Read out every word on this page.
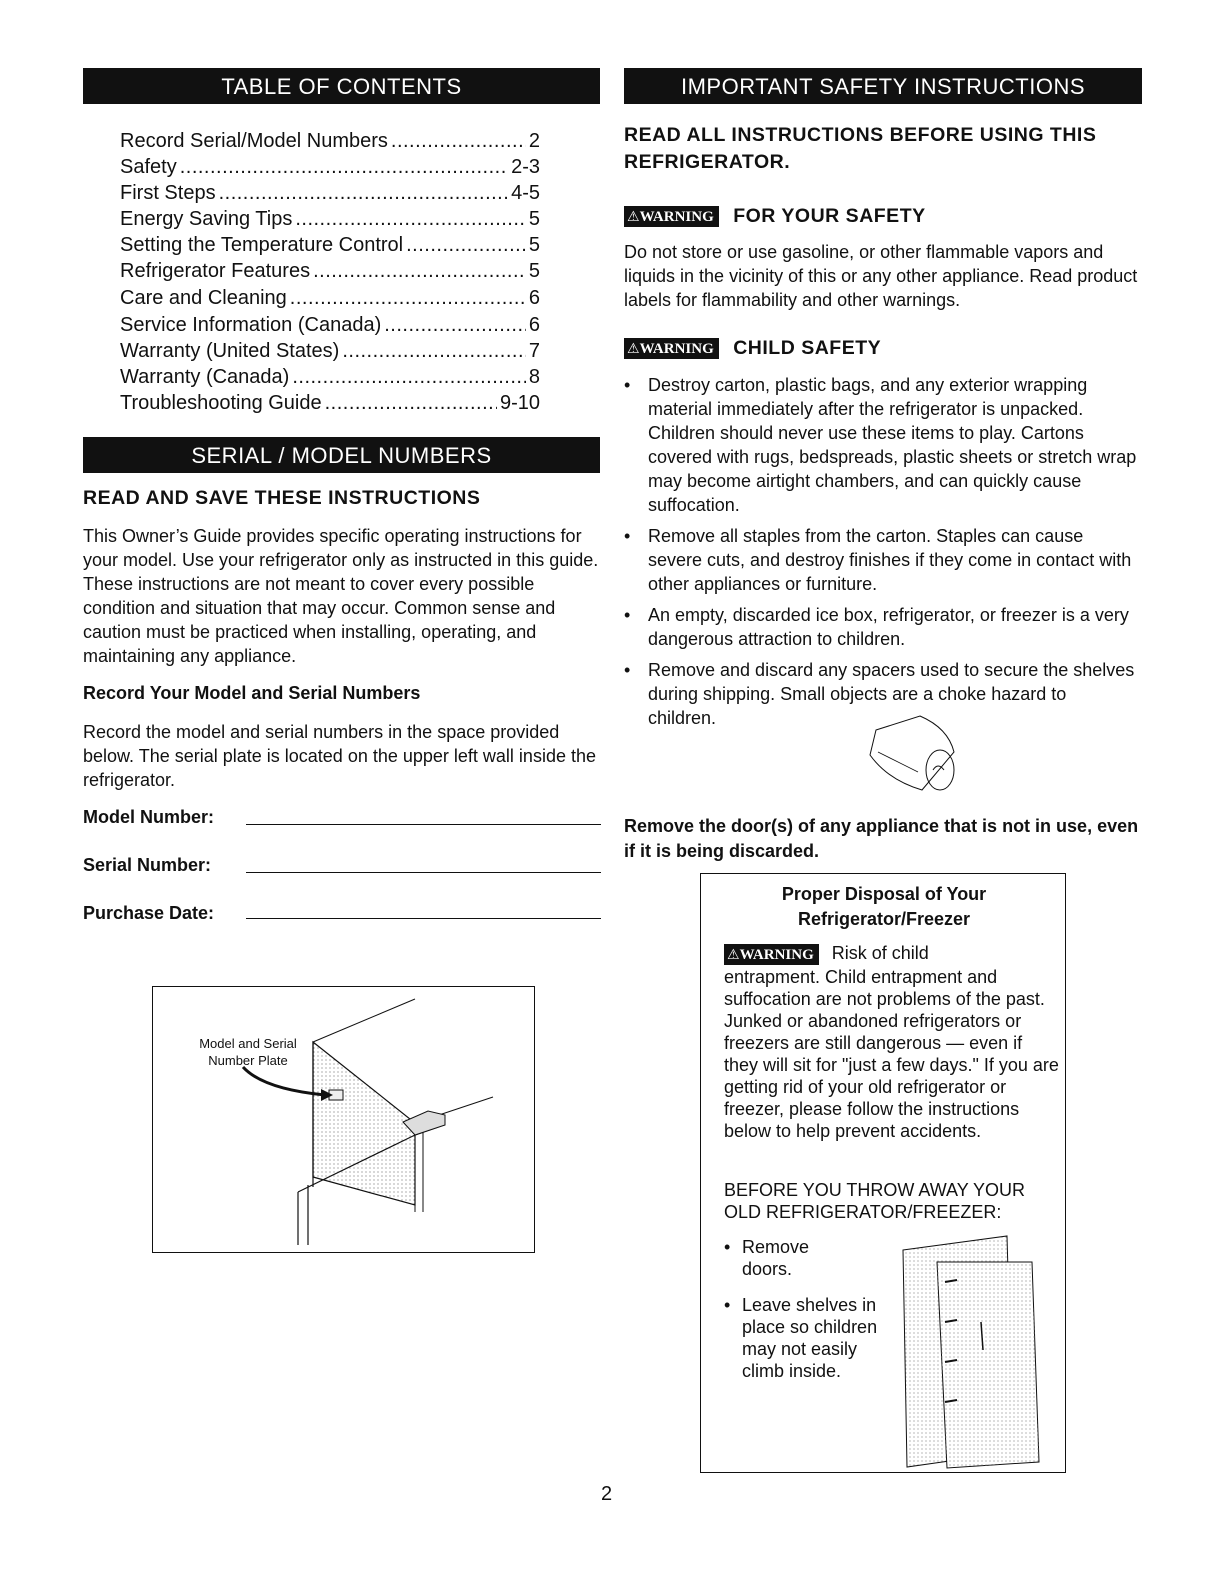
TABLE OF CONTENTS
Record Serial/Model Numbers .....	2
Safety .....	2-3
First Steps .....	4-5
Energy Saving Tips .....	5
Setting the Temperature Control .....	5
Refrigerator Features .....	5
Care and Cleaning .....	6
Service Information (Canada) .....	6
Warranty (United States) .....	7
Warranty (Canada) .....	8
Troubleshooting Guide .....	9-10
SERIAL / MODEL NUMBERS
READ AND SAVE THESE INSTRUCTIONS
This Owner’s Guide provides specific operating instructions for your model. Use your refrigerator only as instructed in this guide. These instructions are not meant to cover every possible condition and situation that may occur. Common sense and caution must be practiced when installing, operating, and maintaining any appliance.
Record Your Model and Serial Numbers
Record the model and serial numbers in the space provided below. The serial plate is located on the upper left wall inside the refrigerator.
Model Number:
Serial Number:
Purchase Date:
Model and Serial Number Plate
IMPORTANT SAFETY INSTRUCTIONS
READ ALL INSTRUCTIONS BEFORE USING THIS REFRIGERATOR.
⚠WARNING FOR YOUR SAFETY
Do not store or use gasoline, or other flammable vapors and liquids in the vicinity of this or any other appliance. Read product labels for flammability and other warnings.
⚠WARNING CHILD SAFETY
• Destroy carton, plastic bags, and any exterior wrapping material immediately after the refrigerator is unpacked. Children should never use these items to play. Cartons covered with rugs, bedspreads, plastic sheets or stretch wrap may become airtight chambers, and can quickly cause suffocation.
• Remove all staples from the carton. Staples can cause severe cuts, and destroy finishes if they come in contact with other appliances or furniture.
• An empty, discarded ice box, refrigerator, or freezer is a very dangerous attraction to children.
• Remove and discard any spacers used to secure the shelves during shipping. Small objects are a choke hazard to children.
Remove the door(s) of any appliance that is not in use, even if it is being discarded.
Proper Disposal of Your
Refrigerator/Freezer
⚠WARNING Risk of child
entrapment. Child entrapment and suffocation are not problems of the past. Junked or abandoned refrigerators or freezers are still dangerous — even if they will sit for "just a few days." If you are getting rid of your old refrigerator or freezer, please follow the instructions below to help prevent accidents.
BEFORE YOU THROW AWAY YOUR OLD REFRIGERATOR/FREEZER:
• Remove doors.
• Leave shelves in place so children may not easily climb inside.
2
